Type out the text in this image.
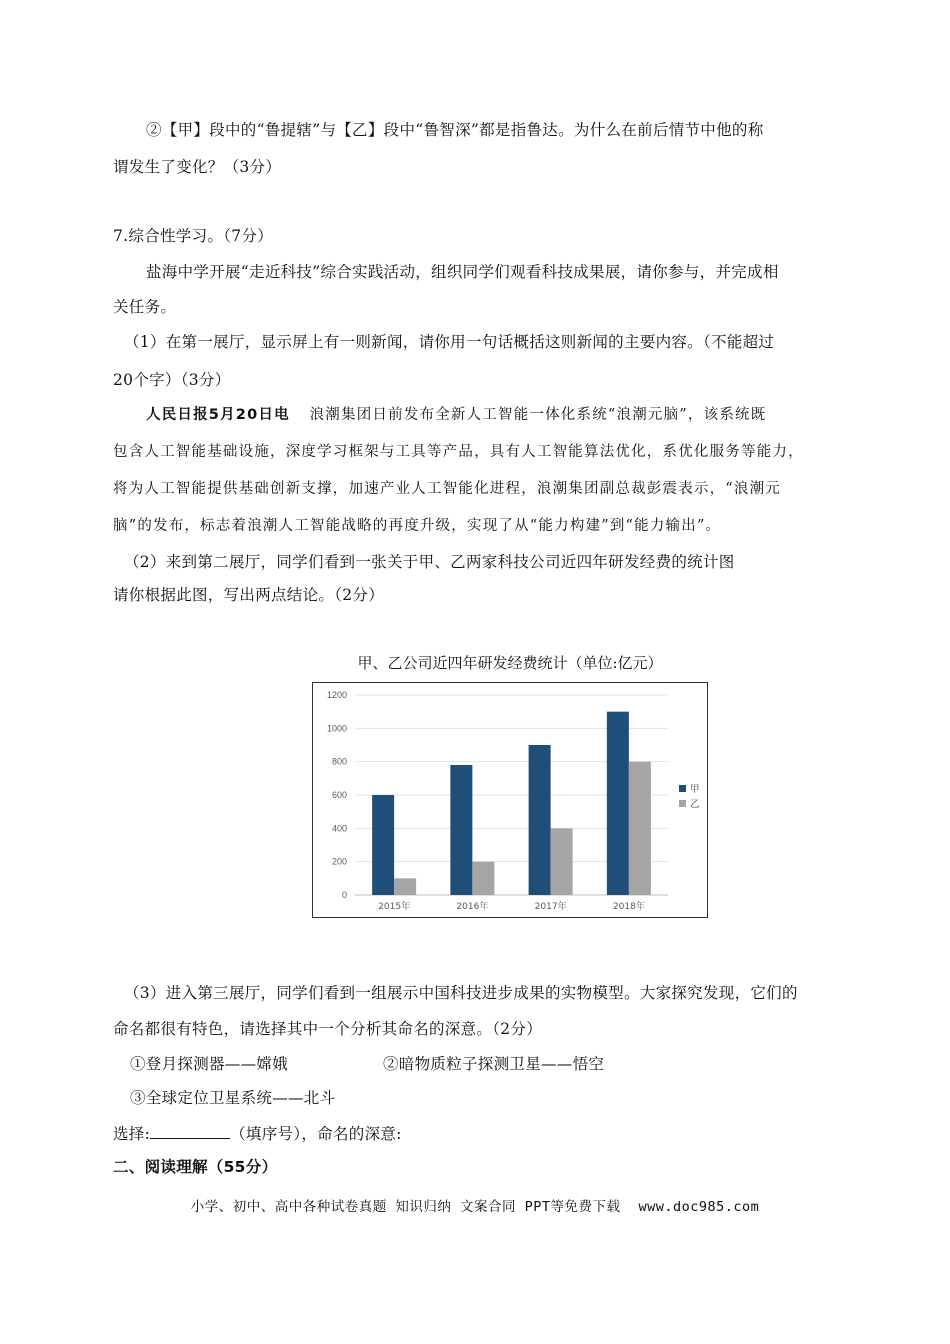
②【甲】段中的“鲁提辖”与【乙】段中“鲁智深”都是指鲁达。为什么在前后情节中他的称
谓发生了变化？（3分）
7.综合性学习。（7分）
盐海中学开展“走近科技”综合实践活动，组织同学们观看科技成果展，请你参与，并完成相
关任务。
（1）在第一展厅，显示屏上有一则新闻，请你用一句话概括这则新闻的主要内容。（不能超过
20个字）（3分）
人民日报5月20日电 浪潮集团日前发布全新人工智能一体化系统“浪潮元脑”，该系统既
包含人工智能基础设施，深度学习框架与工具等产品，具有人工智能算法优化，系优化服务等能力，
将为人工智能提供基础创新支撑，加速产业人工智能化进程，浪潮集团副总裁彭震表示，“浪潮元
脑”的发布，标志着浪潮人工智能战略的再度升级，实现了从“能力构建”到“能力输出”。
（2）来到第二展厅，同学们看到一张关于甲、乙两家科技公司近四年研发经费的统计图
请你根据此图，写出两点结论。（2分）
甲、乙公司近四年研发经费统计（单位:亿元）
0
200
400
600
800
1000
1200
2015年	2016年	2017年	2018年
甲
乙
（3）进入第三展厅，同学们看到一组展示中国科技进步成果的实物模型。大家探究发现，它们的
命名都很有特色，请选择其中一个分析其命名的深意。（2分）
①登月探测器——嫦娥	②暗物质粒子探测卫星——悟空
③全球定位卫星系统——北斗
选择:	（填序号），命名的深意:
二、阅读理解（55分）
小学、初中、高中各种试卷真题 知识归纳 文案合同 PPT等免费下载 www.doc985.com
